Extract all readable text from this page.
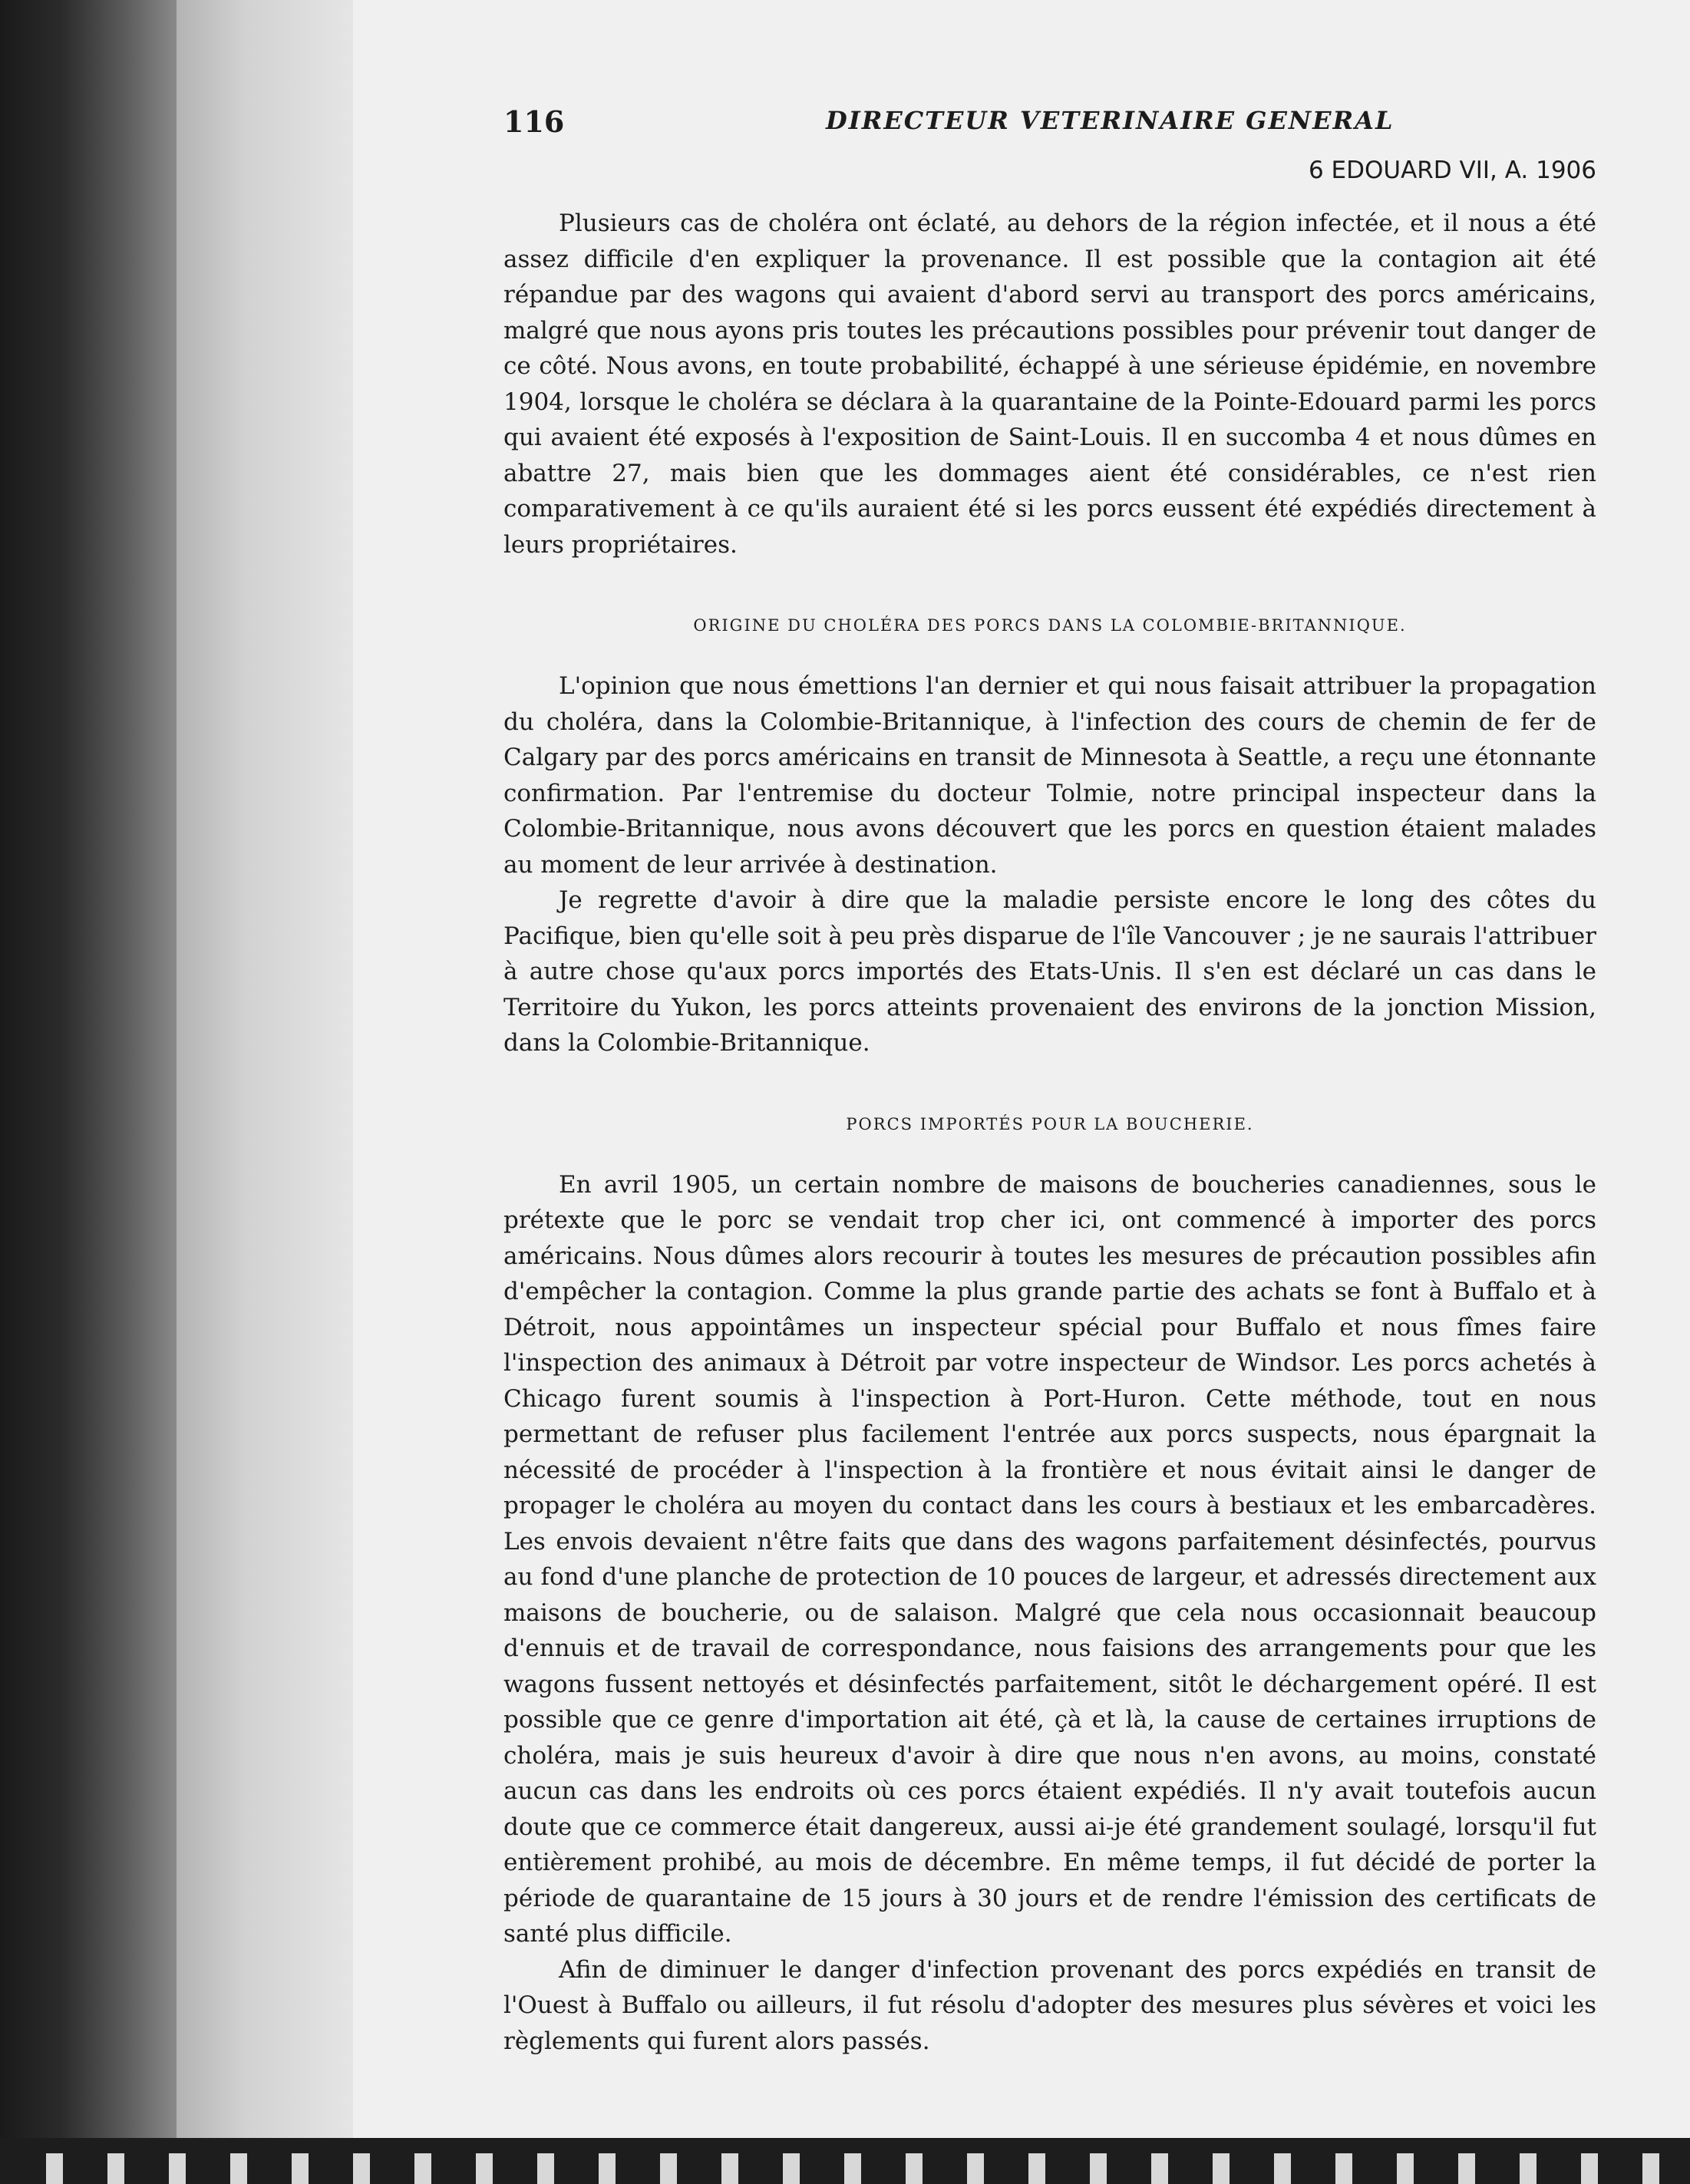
116	DIRECTEUR VETERINAIRE GENERAL
6 EDOUARD VII, A. 1906

Plusieurs cas de choléra ont éclaté, au dehors de la région infectée, et il nous a été assez difficile d'en expliquer la provenance. Il est possible que la contagion ait été répandue par des wagons qui avaient d'abord servi au transport des porcs américains, malgré que nous ayons pris toutes les précautions possibles pour prévenir tout danger de ce côté. Nous avons, en toute probabilité, échappé à une sérieuse épidémie, en novembre 1904, lorsque le choléra se déclara à la quarantaine de la Pointe-Edouard parmi les porcs qui avaient été exposés à l'exposition de Saint-Louis. Il en succomba 4 et nous dûmes en abattre 27, mais bien que les dommages aient été considérables, ce n'est rien comparativement à ce qu'ils auraient été si les porcs eussent été expédiés directement à leurs propriétaires.

ORIGINE DU CHOLÉRA DES PORCS DANS LA COLOMBIE-BRITANNIQUE.

L'opinion que nous émettions l'an dernier et qui nous faisait attribuer la propagation du choléra, dans la Colombie-Britannique, à l'infection des cours de chemin de fer de Calgary par des porcs américains en transit de Minnesota à Seattle, a reçu une étonnante confirmation. Par l'entremise du docteur Tolmie, notre principal inspecteur dans la Colombie-Britannique, nous avons découvert que les porcs en question étaient malades au moment de leur arrivée à destination.

Je regrette d'avoir à dire que la maladie persiste encore le long des côtes du Pacifique, bien qu'elle soit à peu près disparue de l'île Vancouver ; je ne saurais l'attribuer à autre chose qu'aux porcs importés des Etats-Unis. Il s'en est déclaré un cas dans le Territoire du Yukon, les porcs atteints provenaient des environs de la jonction Mission, dans la Colombie-Britannique.

PORCS IMPORTÉS POUR LA BOUCHERIE.

En avril 1905, un certain nombre de maisons de boucheries canadiennes, sous le prétexte que le porc se vendait trop cher ici, ont commencé à importer des porcs américains. Nous dûmes alors recourir à toutes les mesures de précaution possibles afin d'empêcher la contagion. Comme la plus grande partie des achats se font à Buffalo et à Détroit, nous appointâmes un inspecteur spécial pour Buffalo et nous fîmes faire l'inspection des animaux à Détroit par votre inspecteur de Windsor. Les porcs achetés à Chicago furent soumis à l'inspection à Port-Huron. Cette méthode, tout en nous permettant de refuser plus facilement l'entrée aux porcs suspects, nous épargnait la nécessité de procéder à l'inspection à la frontière et nous évitait ainsi le danger de propager le choléra au moyen du contact dans les cours à bestiaux et les embarcadères. Les envois devaient n'être faits que dans des wagons parfaitement désinfectés, pourvus au fond d'une planche de protection de 10 pouces de largeur, et adressés directement aux maisons de boucherie, ou de salaison. Malgré que cela nous occasionnait beaucoup d'ennuis et de travail de correspondance, nous faisions des arrangements pour que les wagons fussent nettoyés et désinfectés parfaitement, sitôt le déchargement opéré. Il est possible que ce genre d'importation ait été, çà et là, la cause de certaines irruptions de choléra, mais je suis heureux d'avoir à dire que nous n'en avons, au moins, constaté aucun cas dans les endroits où ces porcs étaient expédiés. Il n'y avait toutefois aucun doute que ce commerce était dangereux, aussi ai-je été grandement soulagé, lorsqu'il fut entièrement prohibé, au mois de décembre. En même temps, il fut décidé de porter la période de quarantaine de 15 jours à 30 jours et de rendre l'émission des certificats de santé plus difficile.

Afin de diminuer le danger d'infection provenant des porcs expédiés en transit de l'Ouest à Buffalo ou ailleurs, il fut résolu d'adopter des mesures plus sévères et voici les règlements qui furent alors passés.
